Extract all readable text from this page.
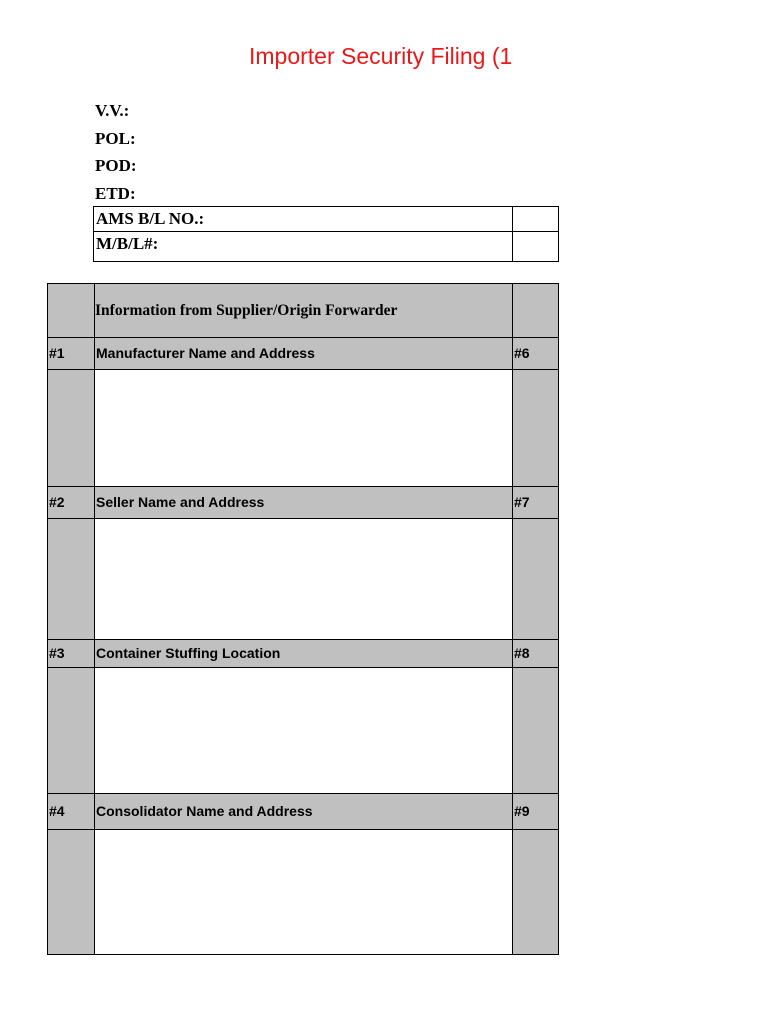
Importer Security Filing (1
V.V.:
POL:
POD:
ETD:
AMS B/L NO.:
M/B/L#:
Information from Supplier/Origin Forwarder
#1 Manufacturer Name and Address	#6
#2 Seller Name and Address	#7
#3 Container Stuffing Location	#8
#4 Consolidator Name and Address	#9
